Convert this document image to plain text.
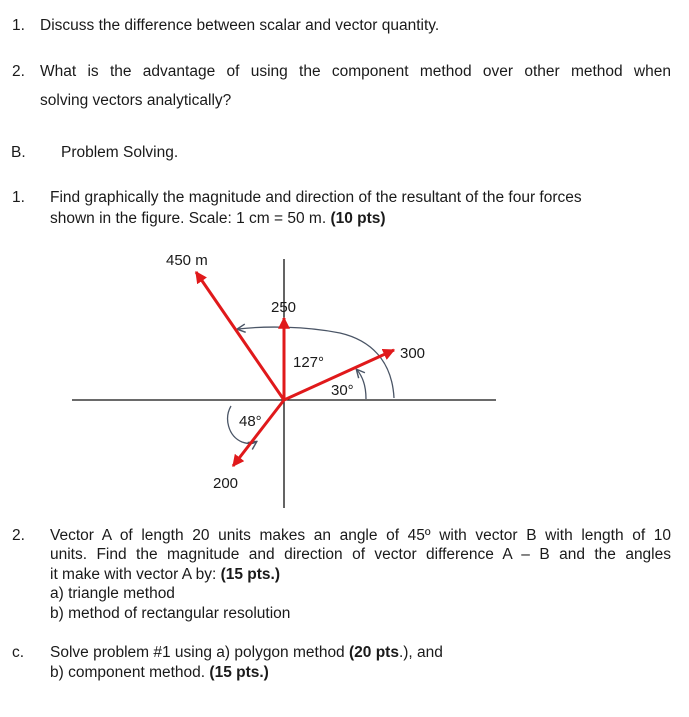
1. Discuss the difference between scalar and vector quantity.
2. What is the advantage of using the component method over other method when
solving vectors analytically?
B. Problem Solving.
1.	Find graphically the magnitude and direction of the resultant of the four forces
shown in the figure. Scale: 1 cm = 50 m. (10 pts)
450 m
250
300
200
127°
30°
48°
2.	Vector A of length 20 units makes an angle of 45º with vector B with length of 10
units. Find the magnitude and direction of vector difference A – B and the angles
it make with vector A by: (15 pts.)
a) triangle method
b) method of rectangular resolution
c.	Solve problem #1 using a) polygon method (20 pts.), and
b) component method. (15 pts.)
